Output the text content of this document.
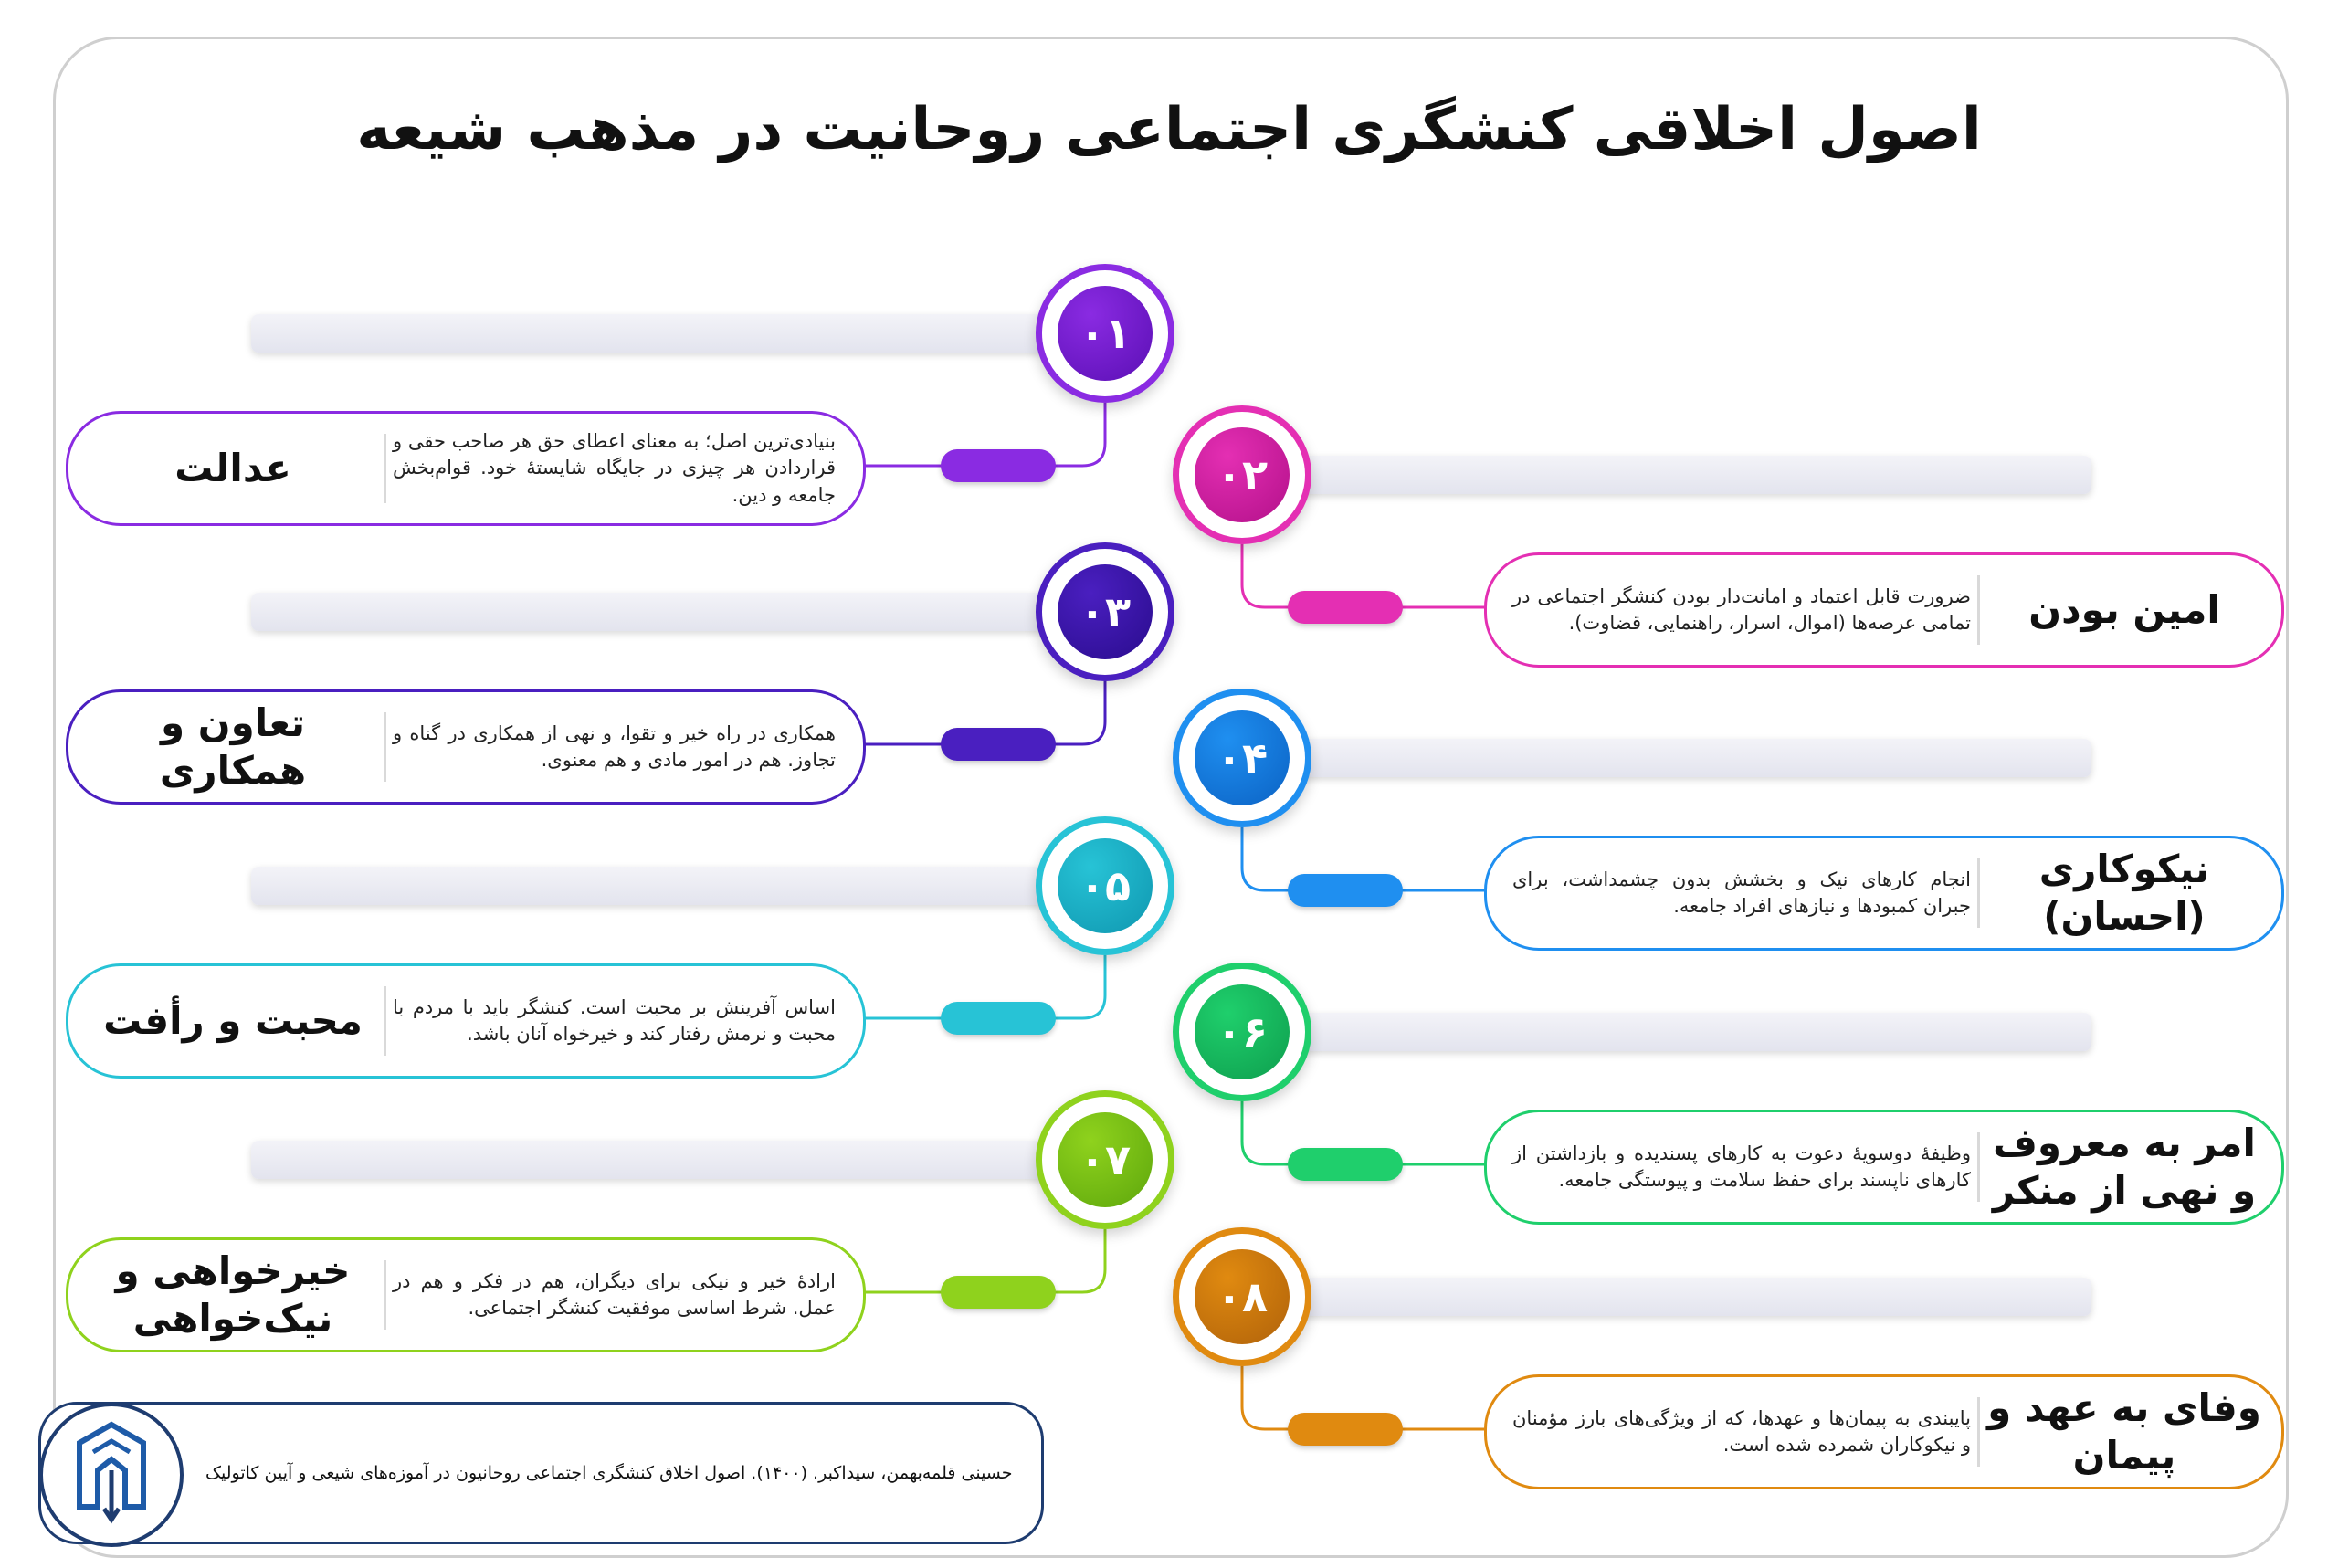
اصول اخلاقی کنشگری اجتماعی روحانیت در مذهب شیعه
۰۱
عدالت
بنیادی‌ترین اصل؛ به معنای اعطای حق هر صاحب حقی و قراردادن هر چیزی در جایگاه شایستهٔ خود. قوام‌بخش جامعه و دین.	۰۲
امین بودن
ضرورت قابل اعتماد و امانت‌دار بودن کنشگر اجتماعی در تمامی عرصه‌ها (اموال، اسرار، راهنمایی، قضاوت).
۰۳
تعاون و همکاری
همکاری در راه خیر و تقوا، و نهی از همکاری در گناه و تجاوز. هم در امور مادی و هم معنوی.	۰۴
نیکوکاری (احسان)
انجام کارهای نیک و بخشش بدون چشمداشت، برای جبران کمبودها و نیازهای افراد جامعه.
۰۵
محبت و رأفت	اساس آفرینش بر محبت است. کنشگر باید با مردم با محبت و نرمش رفتار کند و خیرخواه آنان باشد.	۰۶
امر به معروف و نهی از منکر
وظیفهٔ دوسویهٔ دعوت به کارهای پسندیده و بازداشتن از کارهای ناپسند برای حفظ سلامت و پیوستگی جامعه.
۰۷
خیرخواهی و نیک‌خواهی
ارادهٔ خیر و نیکی برای دیگران، هم در فکر و هم در عمل. شرط اساسی موفقیت کنشگر اجتماعی.	۰۸
وفای به عهد و پیمان
پایبندی به پیمان‌ها و عهدها، که از ویژگی‌های بارز مؤمنان و نیکوکاران شمرده شده است.
حسینی قلمه‌بهمن، سیداکبر. (۱۴۰۰). اصول اخلاق کنشگری اجتماعی روحانیون در آموزه‌های شیعی و آیین کاتولیک
